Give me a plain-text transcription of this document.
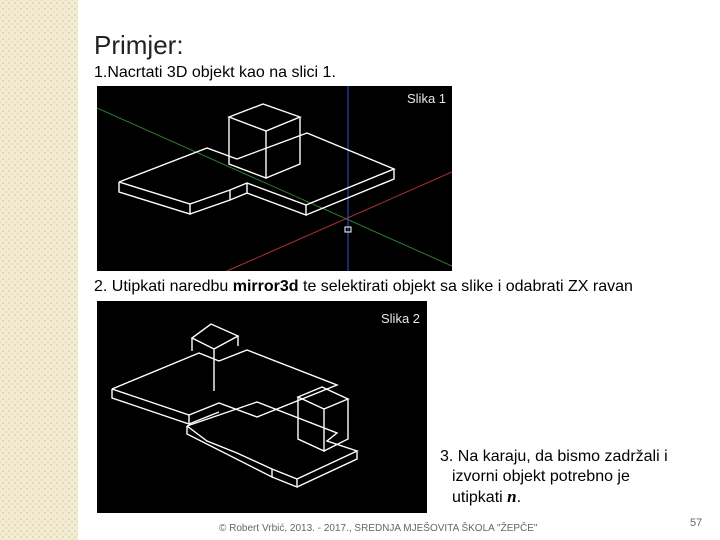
Primjer:
1.Nacrtati 3D objekt kao na slici 1.
Slika 1
2. Utipkati naredbu mirror3d te selektirati objekt sa slike i odabrati ZX ravan
Slika 2
3. Na karaju, da bismo zadržali i
izvorni objekt potrebno je
utipkati n.
© Robert Vrbić, 2013. - 2017., SREDNJA MJEŠOVITA ŠKOLA "ŽEPČE"	57
